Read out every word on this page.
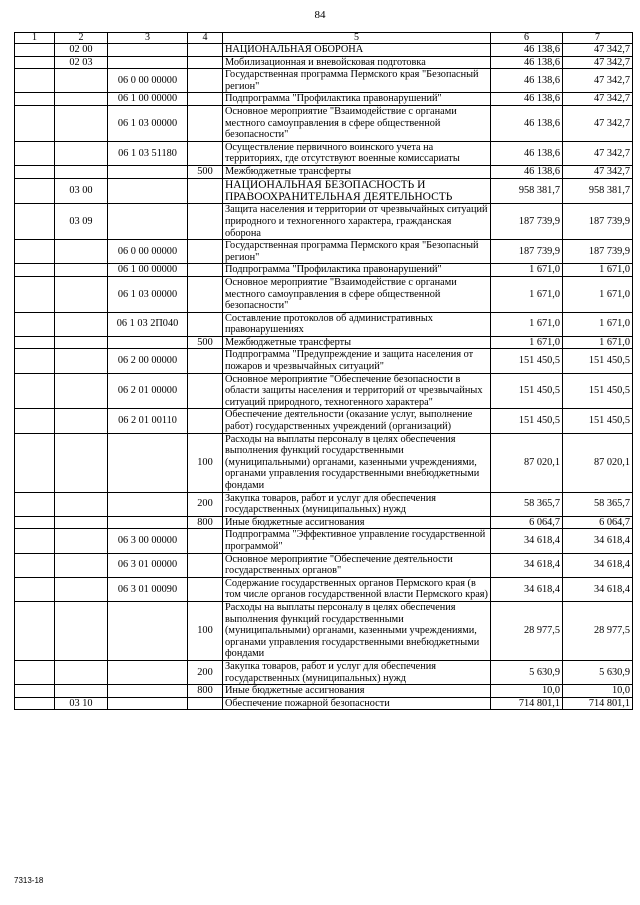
84
1	2	3	4	5	6	7
	02 00			НАЦИОНАЛЬНАЯ ОБОРОНА	46 138,6	47 342,7
	02 03			Мобилизационная и вневойсковая подготовка	46 138,6	47 342,7
		06 0 00 00000		Государственная программа Пермского края "Безопасный регион"	46 138,6	47 342,7
		06 1 00 00000		Подпрограмма "Профилактика правонарушений"	46 138,6	47 342,7
		06 1 03 00000		Основное мероприятие "Взаимодействие с органами местного самоуправления в сфере общественной безопасности"	46 138,6	47 342,7
		06 1 03 51180		Осуществление первичного воинского учета на территориях, где отсутствуют военные комиссариаты	46 138,6	47 342,7
			500	Межбюджетные трансферты	46 138,6	47 342,7
	03 00			НАЦИОНАЛЬНАЯ БЕЗОПАСНОСТЬ И ПРАВООХРАНИТЕЛЬНАЯ ДЕЯТЕЛЬНОСТЬ	958 381,7	958 381,7
	03 09			Защита населения и территории от чрезвычайных ситуаций природного и техногенного характера, гражданская оборона	187 739,9	187 739,9
		06 0 00 00000		Государственная программа Пермского края "Безопасный регион"	187 739,9	187 739,9
		06 1 00 00000		Подпрограмма "Профилактика правонарушений"	1 671,0	1 671,0
		06 1 03 00000		Основное мероприятие "Взаимодействие с органами местного самоуправления в сфере общественной безопасности"	1 671,0	1 671,0
		06 1 03 2П040		Составление протоколов об административных правонарушениях	1 671,0	1 671,0
			500	Межбюджетные трансферты	1 671,0	1 671,0
		06 2 00 00000		Подпрограмма "Предупреждение и защита населения от пожаров и чрезвычайных ситуаций"	151 450,5	151 450,5
		06 2 01 00000		Основное мероприятие "Обеспечение безопасности в области защиты населения и территорий от чрезвычайных ситуаций природного, техногенного характера"	151 450,5	151 450,5
		06 2 01 00110		Обеспечение деятельности (оказание услуг, выполнение работ) государственных учреждений (организаций)	151 450,5	151 450,5
			100	Расходы на выплаты персоналу в целях обеспечения выполнения функций государственными (муниципальными) органами, казенными учреждениями, органами управления государственными внебюджетными фондами	87 020,1	87 020,1
			200	Закупка товаров, работ и услуг для обеспечения государственных (муниципальных) нужд	58 365,7	58 365,7
			800	Иные бюджетные ассигнования	6 064,7	6 064,7
		06 3 00 00000		Подпрограмма "Эффективное управление государственной программой"	34 618,4	34 618,4
		06 3 01 00000		Основное мероприятие "Обеспечение деятельности государственных органов"	34 618,4	34 618,4
		06 3 01 00090		Содержание государственных органов Пермского края (в том числе органов государственной власти Пермского края)	34 618,4	34 618,4
			100	Расходы на выплаты персоналу в целях обеспечения выполнения функций государственными (муниципальными) органами, казенными учреждениями, органами управления государственными внебюджетными фондами	28 977,5	28 977,5
			200	Закупка товаров, работ и услуг для обеспечения государственных (муниципальных) нужд	5 630,9	5 630,9
			800	Иные бюджетные ассигнования	10,0	10,0
	03 10			Обеспечение пожарной безопасности	714 801,1	714 801,1
7313-18
